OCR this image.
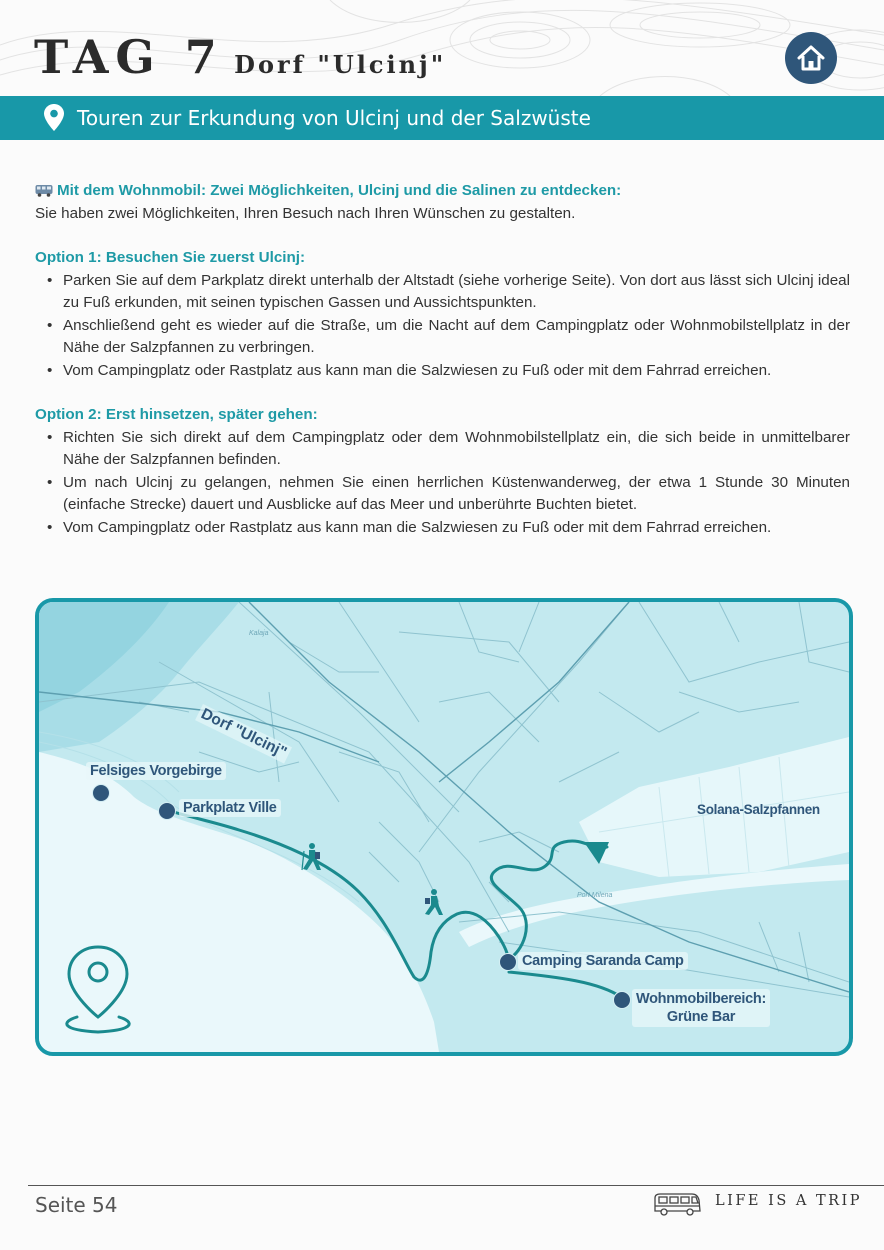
TAG 7 Dorf "Ulcinj"
Touren zur Erkundung von Ulcinj und der Salzwüste

Mit dem Wohnmobil: Zwei Möglichkeiten, Ulcinj und die Salinen zu entdecken:

Sie haben zwei Möglichkeiten, Ihren Besuch nach Ihren Wünschen zu gestalten.

Option 1: Besuchen Sie zuerst Ulcinj:

• Parken Sie auf dem Parkplatz direkt unterhalb der Altstadt (siehe vorherige Seite). Von dort aus lässt sich Ulcinj ideal zu Fuß erkunden, mit seinen typischen Gassen und Aussichtspunkten.
• Anschließend geht es wieder auf die Straße, um die Nacht auf dem Campingplatz oder Wohnmobilstellplatz in der Nähe der Salzpfannen zu verbringen.
• Vom Campingplatz oder Rastplatz aus kann man die Salzwiesen zu Fuß oder mit dem Fahrrad erreichen.

Option 2: Erst hinsetzen, später gehen:

• Richten Sie sich direkt auf dem Campingplatz oder dem Wohnmobilstellplatz ein, die sich beide in unmittelbarer Nähe der Salzpfannen befinden.
• Um nach Ulcinj zu gelangen, nehmen Sie einen herrlichen Küstenwanderweg, der etwa 1 Stunde 30 Minuten (einfache Strecke) dauert und Ausblicke auf das Meer und unberührte Buchten bietet.
• Vom Campingplatz oder Rastplatz aus kann man die Salzwiesen zu Fuß oder mit dem Fahrrad erreichen.
Kalaja
Port Milena
Dorf "Ulcinj"
Felsiges Vorgebirge
Parkplatz Ville
Camping Saranda Camp
Wohnmobilbereich:
Grüne Bar
Solana-Salzpfannen
Seite 54	LIFE IS A TRIP
